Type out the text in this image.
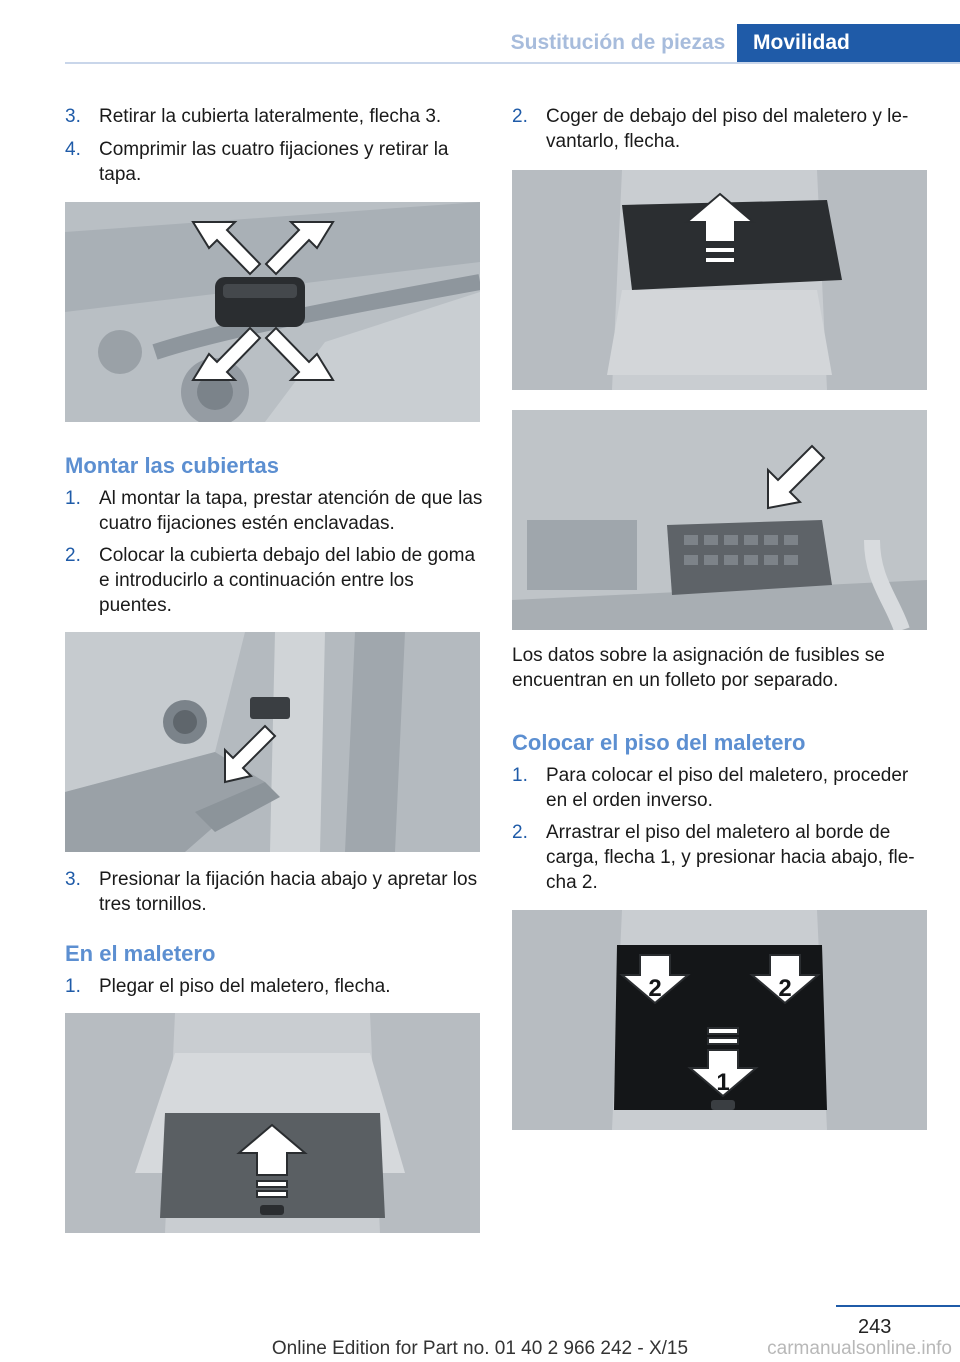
Sustitución de piezas	Movilidad
3. Retirar la cubierta lateralmente, flecha 3.
4. Comprimir las cuatro fijaciones y retirar la tapa.
Montar las cubiertas
1. Al montar la tapa, prestar atención de que las cuatro fijaciones estén enclavadas.
2. Colocar la cubierta debajo del labio de goma e introducirlo a continuación entre los puentes.
3. Presionar la fijación hacia abajo y apretar los tres tornillos.
En el maletero
1. Plegar el piso del maletero, flecha.
2. Coger de debajo del piso del maletero y le-vantarlo, flecha.
Los datos sobre la asignación de fusibles se encuentran en un folleto por separado.
Colocar el piso del maletero
1. Para colocar el piso del maletero, proceder en el orden inverso.
2. Arrastrar el piso del maletero al borde de carga, flecha 1, y presionar hacia abajo, fle-cha 2.
2	2
1
243
Online Edition for Part no. 01 40 2 966 242 - X/15	carmanualsonline.info
